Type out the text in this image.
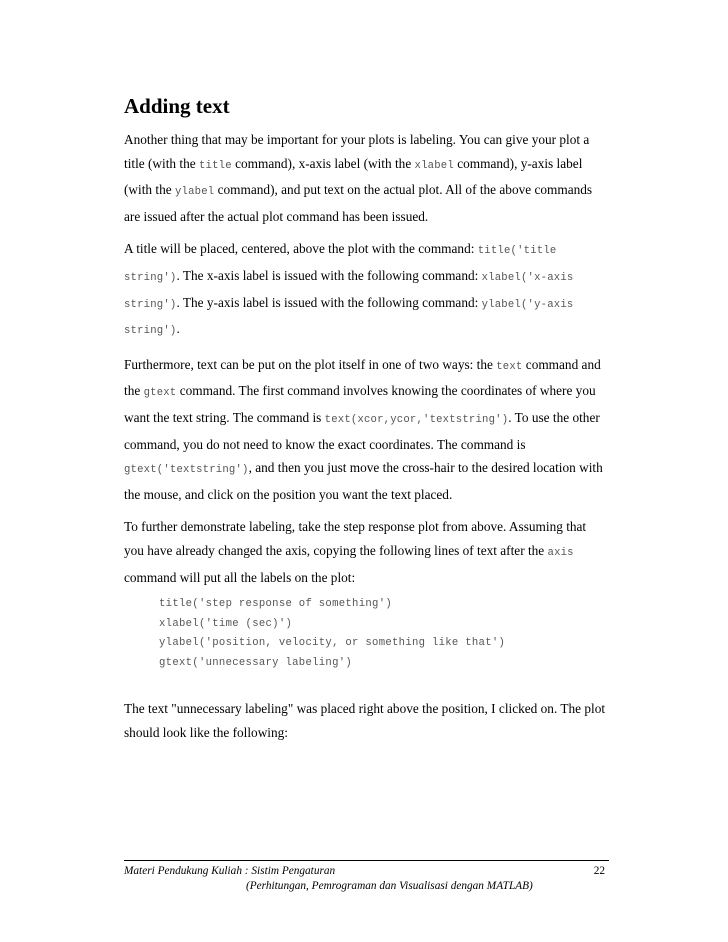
Adding text

Another thing that may be important for your plots is labeling. You can give your plot a title (with the title command), x-axis label (with the xlabel command), y-axis label (with the ylabel command), and put text on the actual plot. All of the above commands are issued after the actual plot command has been issued.

A title will be placed, centered, above the plot with the command: title('title string'). The x-axis label is issued with the following command: xlabel('x-axis string'). The y-axis label is issued with the following command: ylabel('y-axis string').

Furthermore, text can be put on the plot itself in one of two ways: the text command and the gtext command. The first command involves knowing the coordinates of where you want the text string. The command is text(xcor,ycor,'textstring'). To use the other command, you do not need to know the exact coordinates. The command is gtext('textstring'), and then you just move the cross-hair to the desired location with the mouse, and click on the position you want the text placed.

To further demonstrate labeling, take the step response plot from above. Assuming that you have already changed the axis, copying the following lines of text after the axis command will put all the labels on the plot:

title('step response of something')
xlabel('time (sec)')
ylabel('position, velocity, or something like that')
gtext('unnecessary labeling')

The text "unnecessary labeling" was placed right above the position, I clicked on. The plot should look like the following:

Materi Pendukung Kuliah : Sistim Pengaturan	22
(Perhitungan, Pemrograman dan Visualisasi dengan MATLAB)
